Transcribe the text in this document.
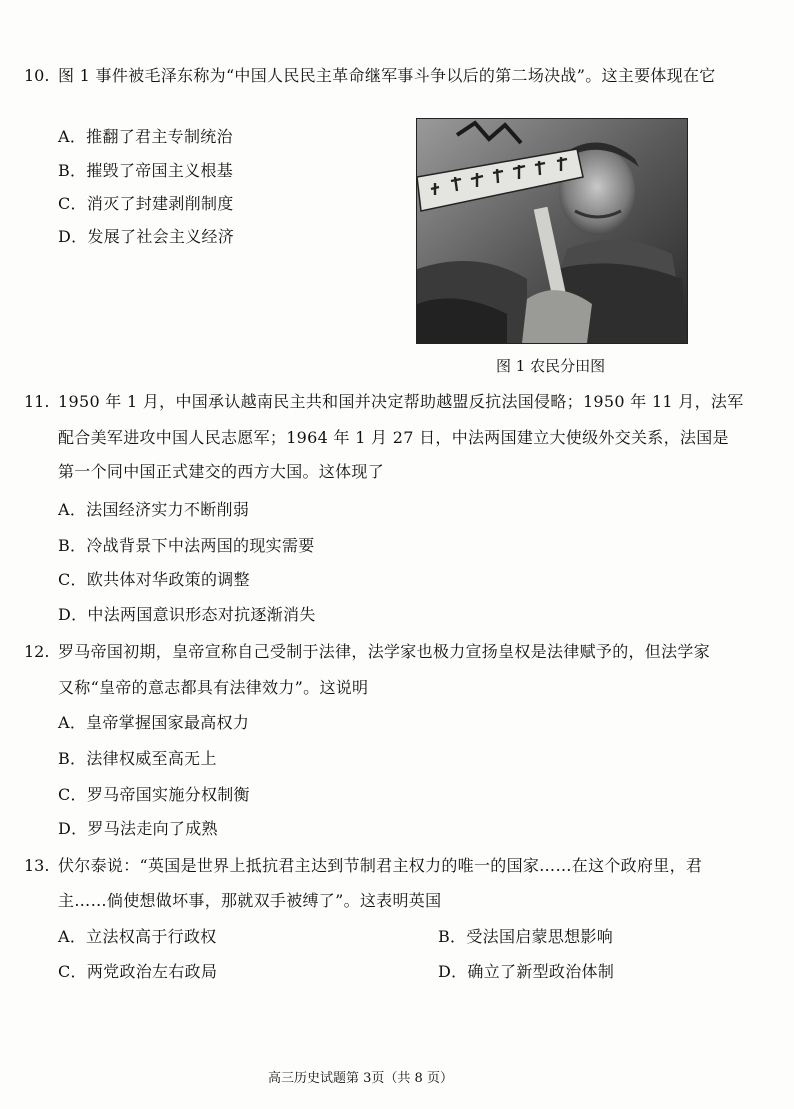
10. 图 1 事件被毛泽东称为“中国人民民主革命继军事斗争以后的第二场决战”。这主要体现在它
A．推翻了君主专制统治
B．摧毁了帝国主义根基
C．消灭了封建剥削制度
D．发展了社会主义经济
图 1 农民分田图
11. 1950 年 1 月，中国承认越南民主共和国并决定帮助越盟反抗法国侵略；1950 年 11 月，法军
配合美军进攻中国人民志愿军；1964 年 1 月 27 日，中法两国建立大使级外交关系，法国是
第一个同中国正式建交的西方大国。这体现了
A．法国经济实力不断削弱
B．冷战背景下中法两国的现实需要
C．欧共体对华政策的调整
D．中法两国意识形态对抗逐渐消失
12. 罗马帝国初期，皇帝宣称自己受制于法律，法学家也极力宣扬皇权是法律赋予的，但法学家
又称“皇帝的意志都具有法律效力”。这说明
A．皇帝掌握国家最高权力
B．法律权威至高无上
C．罗马帝国实施分权制衡
D．罗马法走向了成熟
13. 伏尔泰说：“英国是世界上抵抗君主达到节制君主权力的唯一的国家……在这个政府里，君
主……倘使想做坏事，那就双手被缚了”。这表明英国
A．立法权高于行政权	B．受法国启蒙思想影响
C．两党政治左右政局	D．确立了新型政治体制
高三历史试题第 3页（共 8 页）
